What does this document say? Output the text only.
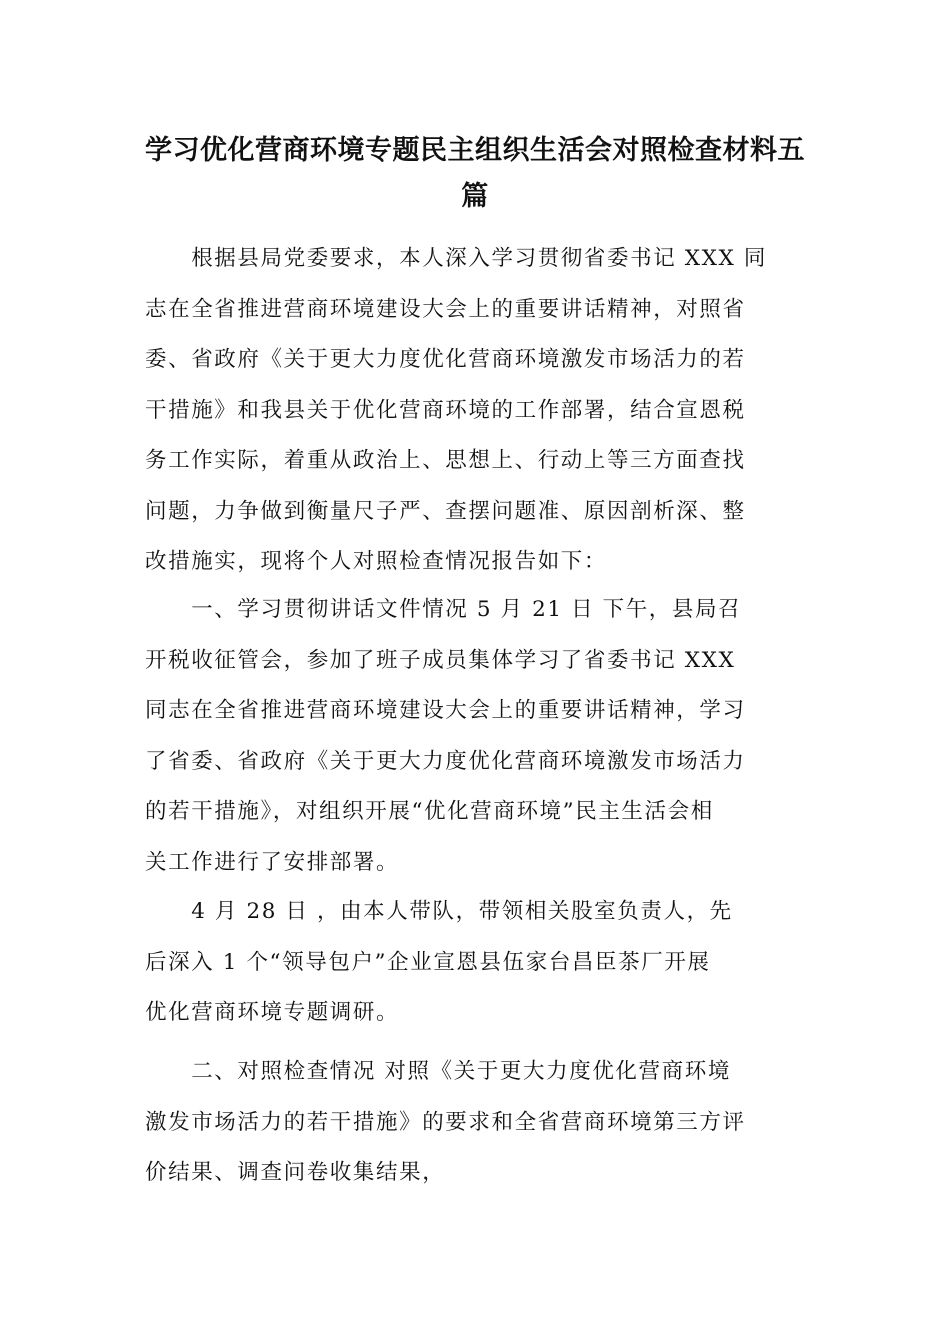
学习优化营商环境专题民主组织生活会对照检查材料五
篇
　　根据县局党委要求，本人深入学习贯彻省委书记 XXX 同
志在全省推进营商环境建设大会上的重要讲话精神，对照省
委、省政府《关于更大力度优化营商环境激发市场活力的若
干措施》和我县关于优化营商环境的工作部署，结合宣恩税
务工作实际，着重从政治上、思想上、行动上等三方面查找
问题，力争做到衡量尺子严、查摆问题准、原因剖析深、整
改措施实，现将个人对照检查情况报告如下：
　　一、学习贯彻讲话文件情况 5 月 21 日 下午，县局召
开税收征管会，参加了班子成员集体学习了省委书记 XXX
同志在全省推进营商环境建设大会上的重要讲话精神，学习
了省委、省政府《关于更大力度优化营商环境激发市场活力
的若干措施》，对组织开展“优化营商环境”民主生活会相
关工作进行了安排部署。
　　4 月 28 日 ，由本人带队，带领相关股室负责人，先
后深入 1 个“领导包户”企业宣恩县伍家台昌臣茶厂开展
优化营商环境专题调研。
　　二、对照检查情况 对照《关于更大力度优化营商环境
激发市场活力的若干措施》的要求和全省营商环境第三方评
价结果、调查问卷收集结果，
